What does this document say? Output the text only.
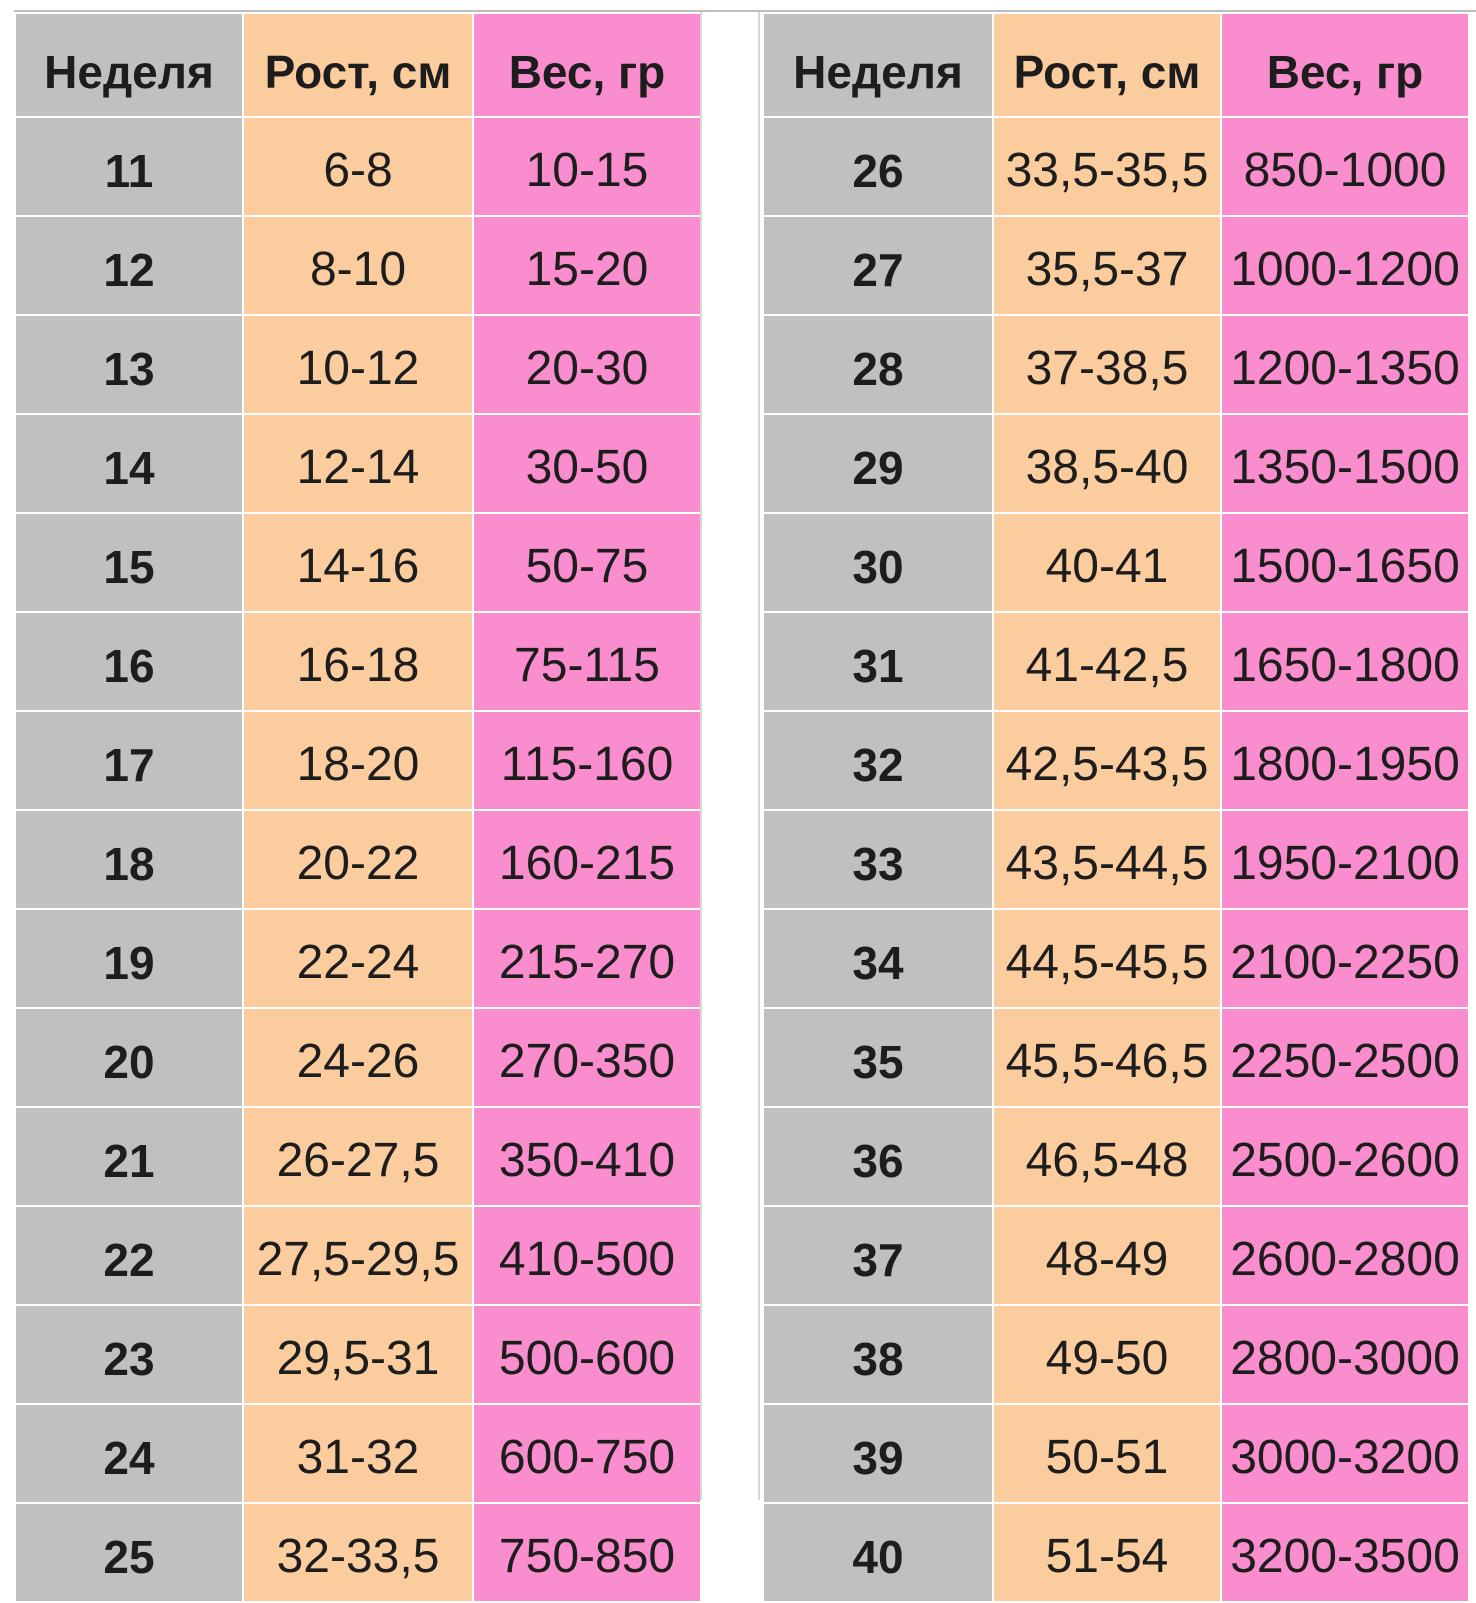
Неделя	Рост, см	Вес, гр
11	6-8	10-15
12	8-10	15-20
13	10-12	20-30
14	12-14	30-50
15	14-16	50-75
16	16-18	75-115
17	18-20	115-160
18	20-22	160-215
19	22-24	215-270
20	24-26	270-350
21	26-27,5	350-410
22	27,5-29,5	410-500
23	29,5-31	500-600
24	31-32	600-750
25	32-33,5	750-850
Неделя	Рост, см	Вес, гр
26	33,5-35,5	850-1000
27	35,5-37	1000-1200
28	37-38,5	1200-1350
29	38,5-40	1350-1500
30	40-41	1500-1650
31	41-42,5	1650-1800
32	42,5-43,5	1800-1950
33	43,5-44,5	1950-2100
34	44,5-45,5	2100-2250
35	45,5-46,5	2250-2500
36	46,5-48	2500-2600
37	48-49	2600-2800
38	49-50	2800-3000
39	50-51	3000-3200
40	51-54	3200-3500
